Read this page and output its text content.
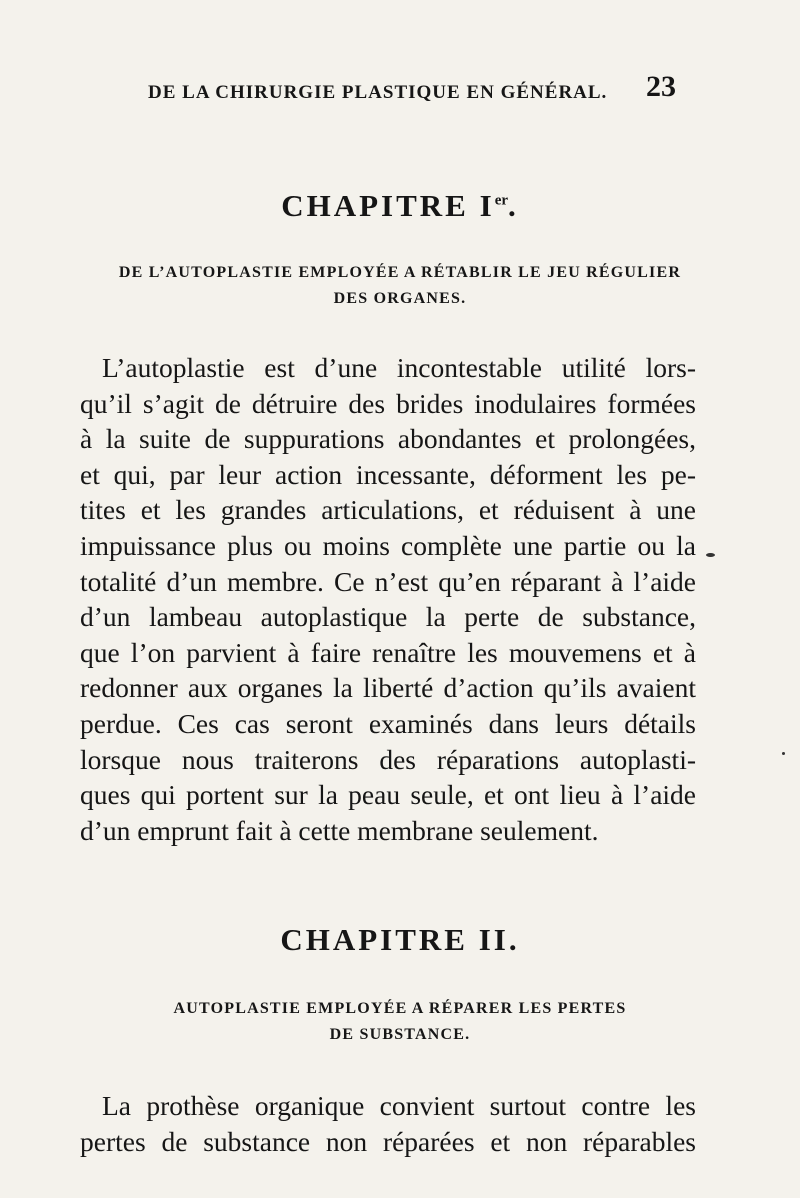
DE LA CHIRURGIE PLASTIQUE EN GÉNÉRAL. 23
CHAPITRE Ier.
DE L’AUTOPLASTIE EMPLOYÉE A RÉTABLIR LE JEU RÉGULIER
DES ORGANES.
L’autoplastie est d’une incontestable utilité lors-
qu’il s’agit de détruire des brides inodulaires formées
à la suite de suppurations abondantes et prolongées,
et qui, par leur action incessante, déforment les pe-
tites et les grandes articulations, et réduisent à une
impuissance plus ou moins complète une partie ou la
totalité d’un membre. Ce n’est qu’en réparant à l’aide
d’un lambeau autoplastique la perte de substance,
que l’on parvient à faire renaître les mouvemens et à
redonner aux organes la liberté d’action qu’ils avaient
perdue. Ces cas seront examinés dans leurs détails
lorsque nous traiterons des réparations autoplasti-
ques qui portent sur la peau seule, et ont lieu à l’aide
d’un emprunt fait à cette membrane seulement.
CHAPITRE II.
AUTOPLASTIE EMPLOYÉE A RÉPARER LES PERTES
DE SUBSTANCE.
La prothèse organique convient surtout contre les
pertes de substance non réparées et non réparables
